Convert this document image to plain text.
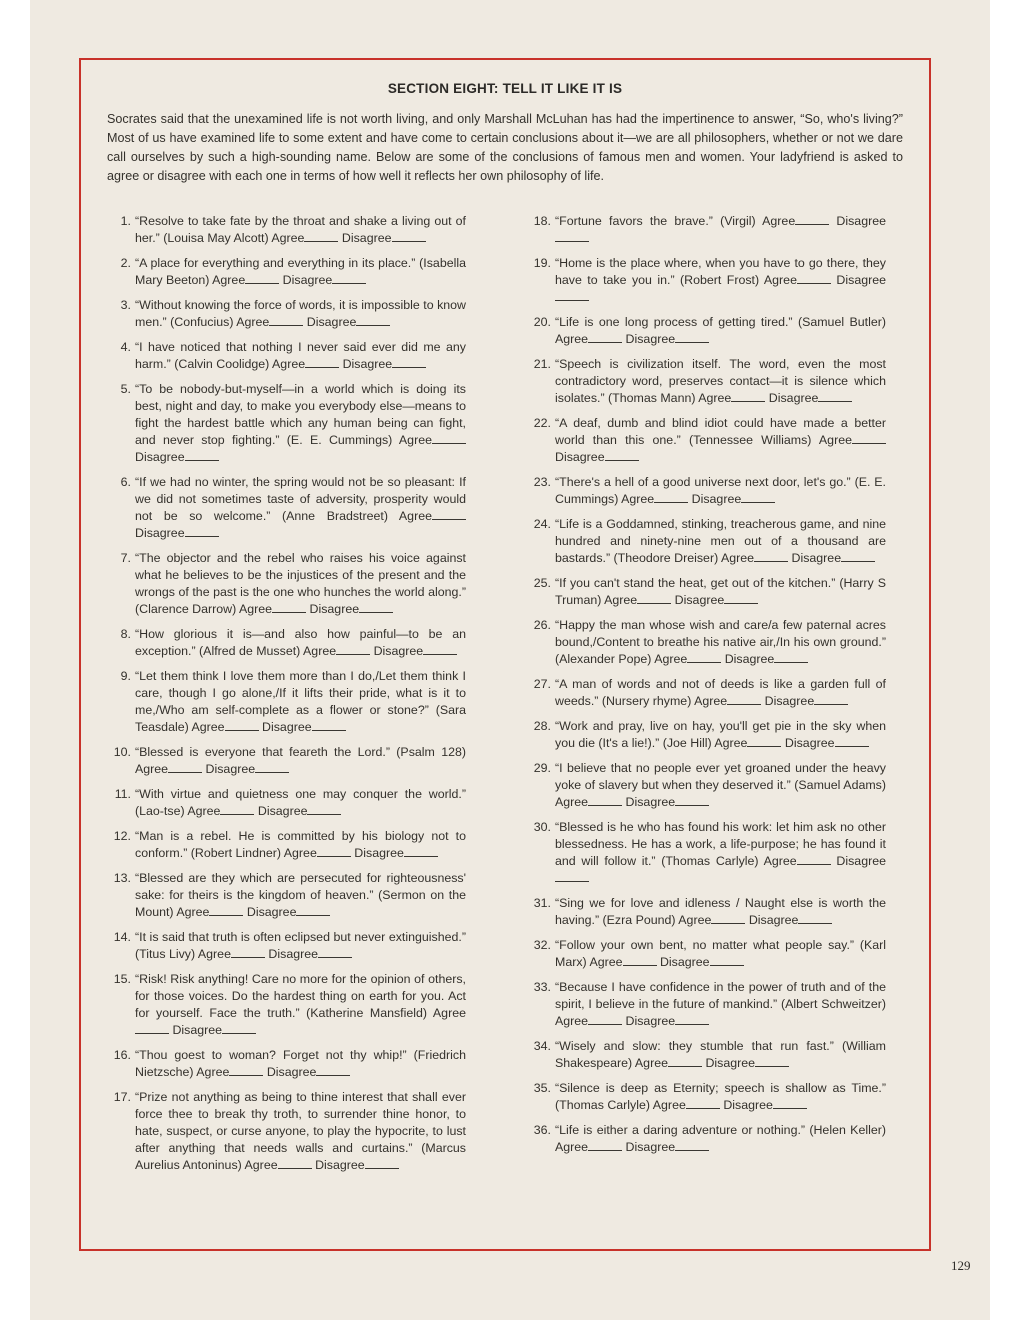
SECTION EIGHT: TELL IT LIKE IT IS
Socrates said that the unexamined life is not worth living, and only Marshall McLuhan has had the impertinence to answer, “So, who's living?” Most of us have examined life to some extent and have come to certain conclusions about it—we are all philosophers, whether or not we dare call ourselves by such a high-sounding name. Below are some of the conclusions of famous men and women. Your ladyfriend is asked to agree or disagree with each one in terms of how well it reflects her own philosophy of life.
1. “Resolve to take fate by the throat and shake a living out of her.” (Louisa May Alcott) Agree	Disagree
2. “A place for everything and everything in its place.” (Isabella Mary Beeton) Agree	Disagree
3. “Without knowing the force of words, it is impossible to know men.” (Confucius) Agree	Disagree
4. “I have noticed that nothing I never said ever did me any harm.” (Calvin Coolidge) Agree	Disagree
5. “To be nobody-but-myself—in a world which is doing its best, night and day, to make you everybody else—means to fight the hardest battle which any human being can fight, and never stop fighting.” (E. E. Cummings) Agree Disagree
6. “If we had no winter, the spring would not be so pleasant: If we did not sometimes taste of adversity, prosperity would not be so welcome.” (Anne Bradstreet) Agree Disagree
7. “The objector and the rebel who raises his voice against what he believes to be the injustices of the present and the wrongs of the past is the one who hunches the world along.” (Clarence Darrow) Agree	Disagree
8. “How glorious it is—and also how painful—to be an exception.” (Alfred de Musset) Agree	Disagree
9. “Let them think I love them more than I do,/Let them think I care, though I go alone,/If it lifts their pride, what is it to me,/Who am self-complete as a flower or stone?” (Sara Teasdale) Agree	Disagree
10. “Blessed is everyone that feareth the Lord.” (Psalm 128) Agree	Disagree
11. “With virtue and quietness one may conquer the world.” (Lao-tse) Agree	Disagree
12. “Man is a rebel. He is committed by his biology not to conform.” (Robert Lindner) Agree	Disagree
13. “Blessed are they which are persecuted for righteousness' sake: for theirs is the kingdom of heaven.” (Sermon on the Mount) Agree	Disagree
14. “It is said that truth is often eclipsed but never extinguished.” (Titus Livy) Agree	Disagree
15. “Risk! Risk anything! Care no more for the opinion of others, for those voices. Do the hardest thing on earth for you. Act for yourself. Face the truth.” (Katherine Mansfield) Agree Disagree
16. “Thou goest to woman? Forget not thy whip!” (Friedrich Nietzsche) Agree	Disagree
17. “Prize not anything as being to thine interest that shall ever force thee to break thy troth, to surrender thine honor, to hate, suspect, or curse anyone, to play the hypocrite, to lust after anything that needs walls and curtains.” (Marcus Aurelius Antoninus) Agree	Disagree
18. “Fortune favors the brave.” (Virgil) Agree	Disagree
19. “Home is the place where, when you have to go there, they have to take you in.” (Robert Frost) Agree	Disagree
20. “Life is one long process of getting tired.” (Samuel Butler) Agree	Disagree
21. “Speech is civilization itself. The word, even the most contradictory word, preserves contact—it is silence which isolates.” (Thomas Mann) Agree	Disagree
22. “A deaf, dumb and blind idiot could have made a better world than this one.” (Tennessee Williams) Agree Disagree
23. “There's a hell of a good universe next door, let's go.” (E. E. Cummings) Agree	Disagree
24. “Life is a Goddamned, stinking, treacherous game, and nine hundred and ninety-nine men out of a thousand are bastards.” (Theodore Dreiser) Agree	Disagree
25. “If you can't stand the heat, get out of the kitchen.” (Harry S Truman) Agree	Disagree
26. “Happy the man whose wish and care/a few paternal acres bound,/Content to breathe his native air,/In his own ground.” (Alexander Pope) Agree	Disagree
27. “A man of words and not of deeds is like a garden full of weeds.” (Nursery rhyme) Agree	Disagree
28. “Work and pray, live on hay, you'll get pie in the sky when you die (It's a lie!).” (Joe Hill) Agree	Disagree
29. “I believe that no people ever yet groaned under the heavy yoke of slavery but when they deserved it.” (Samuel Adams) Agree	Disagree
30. “Blessed is he who has found his work: let him ask no other blessedness. He has a work, a life-purpose; he has found it and will follow it.” (Thomas Carlyle) Agree	Disagree
31. “Sing we for love and idleness / Naught else is worth the having.” (Ezra Pound) Agree	Disagree
32. “Follow your own bent, no matter what people say.” (Karl Marx) Agree	Disagree
33. “Because I have confidence in the power of truth and of the spirit, I believe in the future of mankind.” (Albert Schweitzer) Agree	Disagree
34. “Wisely and slow: they stumble that run fast.” (William Shakespeare) Agree	Disagree
35. “Silence is deep as Eternity; speech is shallow as Time.” (Thomas Carlyle) Agree	Disagree
36. “Life is either a daring adventure or nothing.” (Helen Keller) Agree	Disagree
129
